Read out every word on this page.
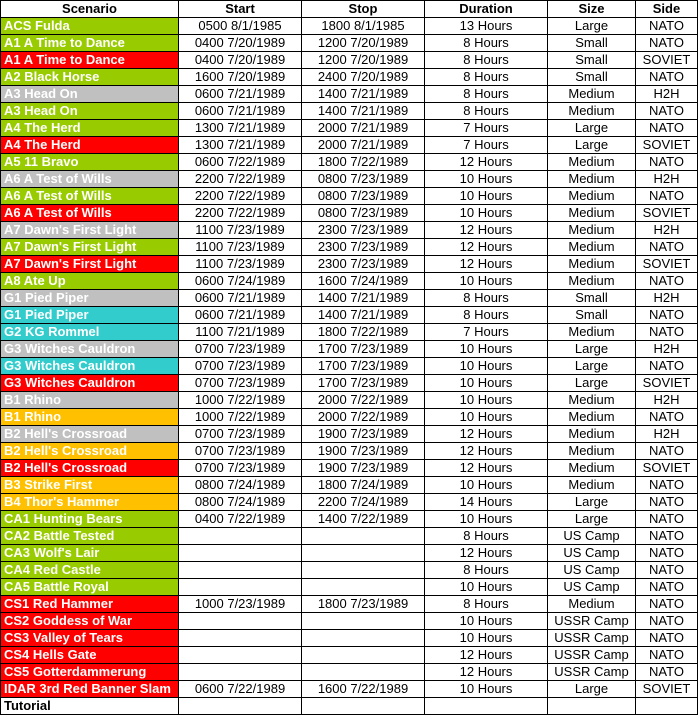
Scenario	Start	Stop	Duration	Size	Side
ACS Fulda	0500 8/1/1985	1800 8/1/1985	13 Hours	Large	NATO
A1 A Time to Dance	0400 7/20/1989	1200 7/20/1989	8 Hours	Small	NATO
A1 A Time to Dance	0400 7/20/1989	1200 7/20/1989	8 Hours	Small	SOVIET
A2 Black Horse	1600 7/20/1989	2400 7/20/1989	8 Hours	Small	NATO
A3 Head On	0600 7/21/1989	1400 7/21/1989	8 Hours	Medium	H2H
A3 Head On	0600 7/21/1989	1400 7/21/1989	8 Hours	Medium	NATO
A4 The Herd	1300 7/21/1989	2000 7/21/1989	7 Hours	Large	NATO
A4 The Herd	1300 7/21/1989	2000 7/21/1989	7 Hours	Large	SOVIET
A5 11 Bravo	0600 7/22/1989	1800 7/22/1989	12 Hours	Medium	NATO
A6 A Test of Wills	2200 7/22/1989	0800 7/23/1989	10 Hours	Medium	H2H
A6 A Test of Wills	2200 7/22/1989	0800 7/23/1989	10 Hours	Medium	NATO
A6 A Test of Wills	2200 7/22/1989	0800 7/23/1989	10 Hours	Medium	SOVIET
A7 Dawn's First Light	1100 7/23/1989	2300 7/23/1989	12 Hours	Medium	H2H
A7 Dawn's First Light	1100 7/23/1989	2300 7/23/1989	12 Hours	Medium	NATO
A7 Dawn's First Light	1100 7/23/1989	2300 7/23/1989	12 Hours	Medium	SOVIET
A8 Ate Up	0600 7/24/1989	1600 7/24/1989	10 Hours	Medium	NATO
G1 Pied Piper	0600 7/21/1989	1400 7/21/1989	8 Hours	Small	H2H
G1 Pied Piper	0600 7/21/1989	1400 7/21/1989	8 Hours	Small	NATO
G2 KG Rommel	1100 7/21/1989	1800 7/22/1989	7 Hours	Medium	NATO
G3 Witches Cauldron	0700 7/23/1989	1700 7/23/1989	10 Hours	Large	H2H
G3 Witches Cauldron	0700 7/23/1989	1700 7/23/1989	10 Hours	Large	NATO
G3 Witches Cauldron	0700 7/23/1989	1700 7/23/1989	10 Hours	Large	SOVIET
B1 Rhino	1000 7/22/1989	2000 7/22/1989	10 Hours	Medium	H2H
B1 Rhino	1000 7/22/1989	2000 7/22/1989	10 Hours	Medium	NATO
B2 Hell's Crossroad	0700 7/23/1989	1900 7/23/1989	12 Hours	Medium	H2H
B2 Hell's Crossroad	0700 7/23/1989	1900 7/23/1989	12 Hours	Medium	NATO
B2 Hell's Crossroad	0700 7/23/1989	1900 7/23/1989	12 Hours	Medium	SOVIET
B3 Strike First	0800 7/24/1989	1800 7/24/1989	10 Hours	Medium	NATO
B4 Thor's Hammer	0800 7/24/1989	2200 7/24/1989	14 Hours	Large	NATO
CA1 Hunting Bears	0400 7/22/1989	1400 7/22/1989	10 Hours	Large	NATO
CA2 Battle Tested			8 Hours	US Camp	NATO
CA3 Wolf's Lair			12 Hours	US Camp	NATO
CA4 Red Castle			8 Hours	US Camp	NATO
CA5 Battle Royal			10 Hours	US Camp	NATO
CS1 Red Hammer	1000 7/23/1989	1800 7/23/1989	8 Hours	Medium	NATO
CS2 Goddess of War			10 Hours	USSR Camp	NATO
CS3 Valley of Tears			10 Hours	USSR Camp	NATO
CS4 Hells Gate			12 Hours	USSR Camp	NATO
CS5 Gotterdammerung			12 Hours	USSR Camp	NATO
IDAR 3rd Red Banner Slam	0600 7/22/1989	1600 7/22/1989	10 Hours	Large	SOVIET
Tutorial					
